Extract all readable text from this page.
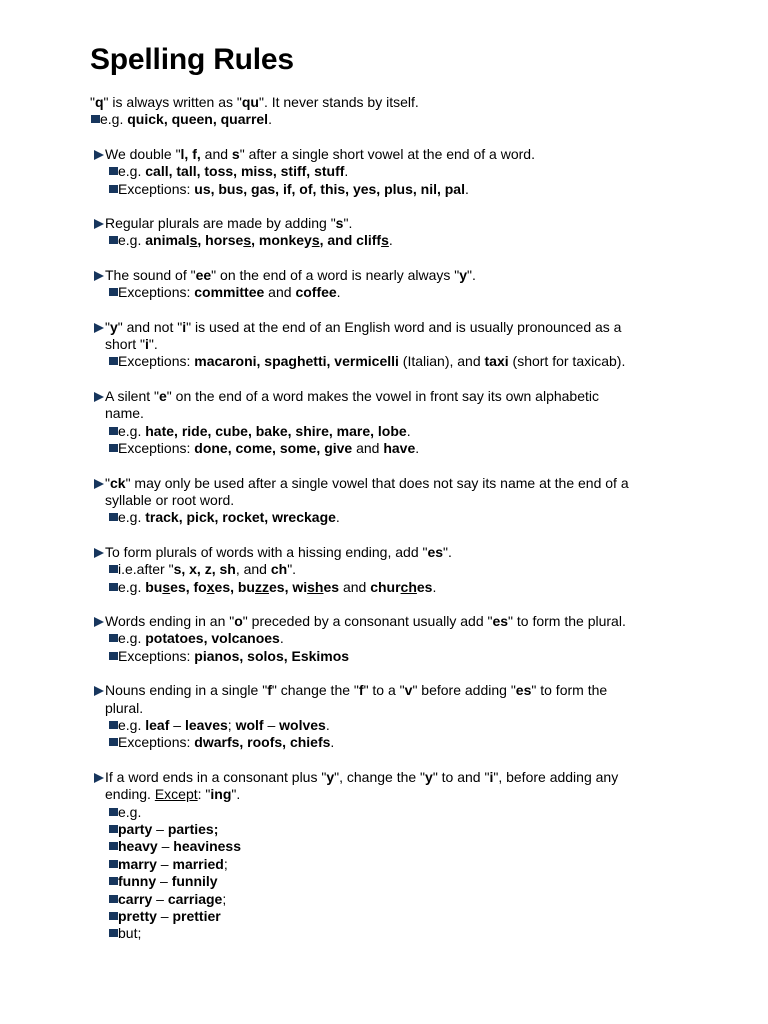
Spelling Rules
"q" is always written as "qu". It never stands by itself.
e.g. quick, queen, quarrel.
We double "l, f, and s" after a single short vowel at the end of a word.
e.g. call, tall, toss, miss, stiff, stuff.
Exceptions: us, bus, gas, if, of, this, yes, plus, nil, pal.
Regular plurals are made by adding "s".
e.g. animals, horses, monkeys, and cliffs.
The sound of "ee" on the end of a word is nearly always "y".
Exceptions: committee and coffee.
"y" and not "i" is used at the end of an English word and is usually pronounced as a
short "i".
Exceptions: macaroni, spaghetti, vermicelli (Italian), and taxi (short for taxicab).
A silent "e" on the end of a word makes the vowel in front say its own alphabetic
name.
e.g. hate, ride, cube, bake, shire, mare, lobe.
Exceptions: done, come, some, give and have.
"ck" may only be used after a single vowel that does not say its name at the end of a
syllable or root word.
e.g. track, pick, rocket, wreckage.
To form plurals of words with a hissing ending, add "es".
i.e.after "s, x, z, sh, and ch".
e.g. buses, foxes, buzzes, wishes and churches.
Words ending in an "o" preceded by a consonant usually add "es" to form the plural.
e.g. potatoes, volcanoes.
Exceptions: pianos, solos, Eskimos
Nouns ending in a single "f" change the "f" to a "v" before adding "es" to form the
plural.
e.g. leaf – leaves; wolf – wolves.
Exceptions: dwarfs, roofs, chiefs.
If a word ends in a consonant plus "y", change the "y" to and "i", before adding any
ending. Except: "ing".
e.g.
party – parties;
heavy – heaviness
marry – married;
funny – funnily
carry – carriage;
pretty – prettier
but;
